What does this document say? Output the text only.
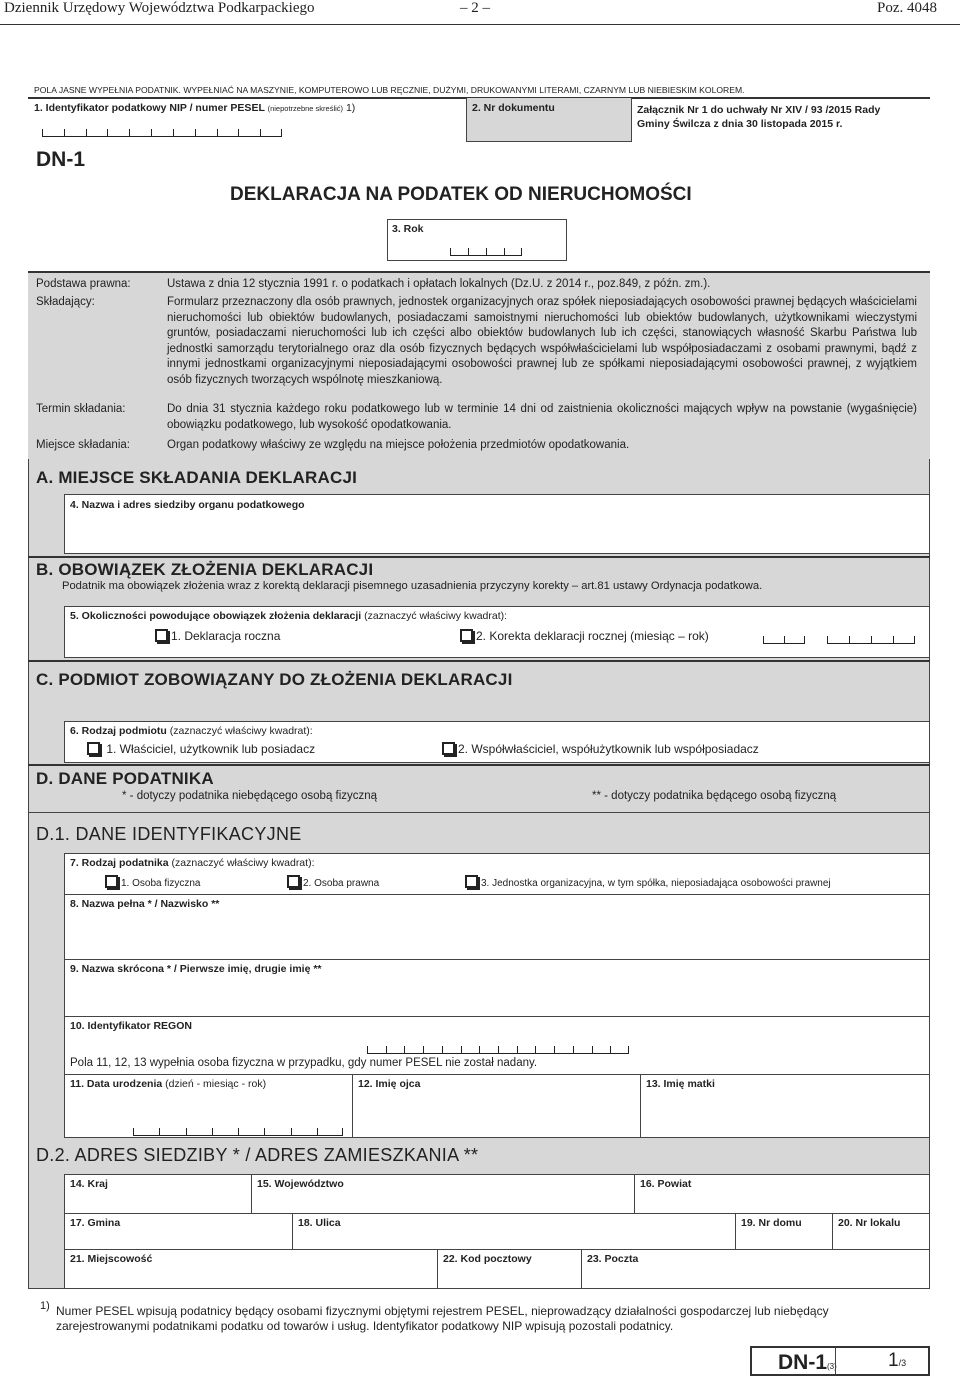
Dziennik Urzędowy Województwa Podkarpackiego	– 2 –	Poz. 4048
POLA JASNE WYPEŁNIA PODATNIK. WYPEŁNIAĆ NA MASZYNIE, KOMPUTEROWO LUB RĘCZNIE, DUŻYMI, DRUKOWANYMI LITERAMI, CZARNYM LUB NIEBIESKIM KOLOREM.
1. Identyfikator podatkowy NIP / numer PESEL (niepotrzebne skreślić) 1)	2. Nr dokumentu	Załącznik Nr 1 do uchwały Nr XIV / 93 /2015 Rady
Gminy Świlcza z dnia 30 listopada 2015 r.
DN-1
DEKLARACJA NA PODATEK OD NIERUCHOMOŚCI
3. Rok
Podstawa prawna:	Ustawa z dnia 12 stycznia 1991 r. o podatkach i opłatach lokalnych (Dz.U. z 2014 r., poz.849, z późn. zm.).
Składający:	Formularz przeznaczony dla osób prawnych, jednostek organizacyjnych oraz spółek nieposiadających osobowości prawnej będących właścicielami nieruchomości lub obiektów budowlanych, posiadaczami samoistnymi nieruchomości lub obiektów budowlanych, użytkownikami wieczystymi gruntów, posiadaczami nieruchomości lub ich części albo obiektów budowlanych lub ich części, stanowiących własność Skarbu Państwa lub jednostki samorządu terytorialnego oraz dla osób fizycznych będących współwłaścicielami lub współposiadaczami z osobami prawnymi, bądź z innymi jednostkami organizacyjnymi nieposiadającymi osobowości prawnej lub ze spółkami nieposiadającymi osobowości prawnej, z wyjątkiem osób fizycznych tworzących wspólnotę mieszkaniową.
Termin składania:	Do dnia 31 stycznia każdego roku podatkowego lub w terminie 14 dni od zaistnienia okoliczności mających wpływ na powstanie (wygaśnięcie) obowiązku podatkowego, lub wysokość opodatkowania.
Miejsce składania:	Organ podatkowy właściwy ze względu na miejsce położenia przedmiotów opodatkowania.
A. MIEJSCE SKŁADANIA DEKLARACJI
4. Nazwa i adres siedziby organu podatkowego
B. OBOWIĄZEK ZŁOŻENIA DEKLARACJI
Podatnik ma obowiązek złożenia wraz z korektą deklaracji pisemnego uzasadnienia przyczyny korekty – art.81 ustawy Ordynacja podatkowa.
5. Okoliczności powodujące obowiązek złożenia deklaracji (zaznaczyć właściwy kwadrat):
1. Deklaracja roczna	2. Korekta deklaracji rocznej (miesiąc – rok)
C. PODMIOT ZOBOWIĄZANY DO ZŁOŻENIA DEKLARACJI
6. Rodzaj podmiotu (zaznaczyć właściwy kwadrat):
1. Właściciel, użytkownik lub posiadacz	2. Współwłaściciel, współużytkownik lub współposiadacz
D. DANE PODATNIKA
* - dotyczy podatnika niebędącego osobą fizyczną	** - dotyczy podatnika będącego osobą fizyczną
D.1. DANE IDENTYFIKACYJNE
7. Rodzaj podatnika (zaznaczyć właściwy kwadrat):
1. Osoba fizyczna	2. Osoba prawna	3. Jednostka organizacyjna, w tym spółka, nieposiadająca osobowości prawnej
8. Nazwa pełna * / Nazwisko **
9. Nazwa skrócona * / Pierwsze imię, drugie imię **
10. Identyfikator REGON
Pola 11, 12, 13 wypełnia osoba fizyczna w przypadku, gdy numer PESEL nie został nadany.
11. Data urodzenia (dzień - miesiąc - rok)	12. Imię ojca	13. Imię matki
D.2. ADRES SIEDZIBY * / ADRES ZAMIESZKANIA **
14. Kraj	15. Województwo	16. Powiat
17. Gmina	18. Ulica	19. Nr domu	20. Nr lokalu
21. Miejscowość	22. Kod pocztowy	23. Poczta
1) Numer PESEL wpisują podatnicy będący osobami fizycznymi objętymi rejestrem PESEL, nieprowadzący działalności gospodarczej lub niebędący zarejestrowanymi podatnikami podatku od towarów i usług. Identyfikator podatkowy NIP wpisują pozostali podatnicy.
DN-1(3)	1/3
